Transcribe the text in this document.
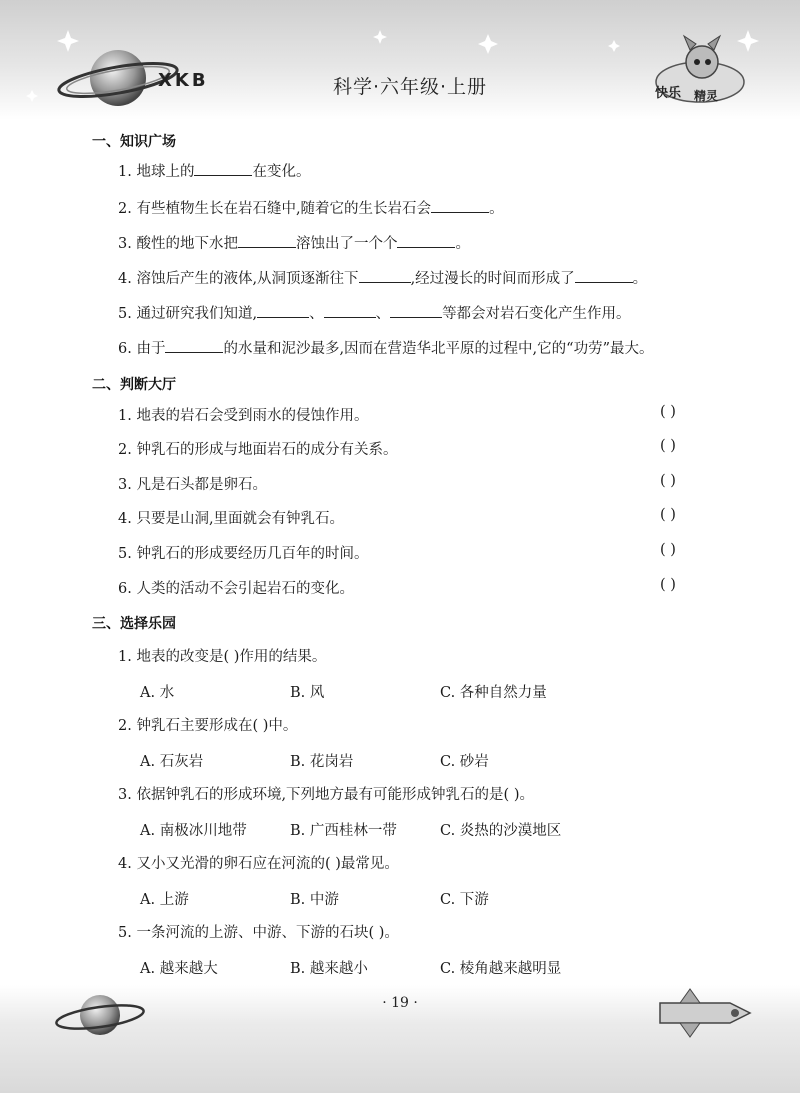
XKB	科学·六年级·上册	快乐 精灵
一、知识广场
1. 地球上的	在变化。
2. 有些植物生长在岩石缝中,随着它的生长岩石会	。
3. 酸性的地下水把	溶蚀出了一个个	。
4. 溶蚀后产生的液体,从洞顶逐渐往下	,经过漫长的时间而形成了	。
5. 通过研究我们知道,	、	、	等都会对岩石变化产生作用。
6. 由于	的水量和泥沙最多,因而在营造华北平原的过程中,它的“功劳”最大。
二、判断大厅
1. 地表的岩石会受到雨水的侵蚀作用。	( )
2. 钟乳石的形成与地面岩石的成分有关系。	( )
3. 凡是石头都是卵石。	( )
4. 只要是山洞,里面就会有钟乳石。	( )
5. 钟乳石的形成要经历几百年的时间。	( )
6. 人类的活动不会引起岩石的变化。	( )
三、选择乐园
1. 地表的改变是( )作用的结果。
A. 水	B. 风	C. 各种自然力量
2. 钟乳石主要形成在( )中。
A. 石灰岩	B. 花岗岩	C. 砂岩
3. 依据钟乳石的形成环境,下列地方最有可能形成钟乳石的是( )。
A. 南极冰川地带	B. 广西桂林一带	C. 炎热的沙漠地区
4. 又小又光滑的卵石应在河流的( )最常见。
A. 上游	B. 中游	C. 下游
5. 一条河流的上游、中游、下游的石块( )。
A. 越来越大	B. 越来越小	C. 棱角越来越明显
· 19 ·
